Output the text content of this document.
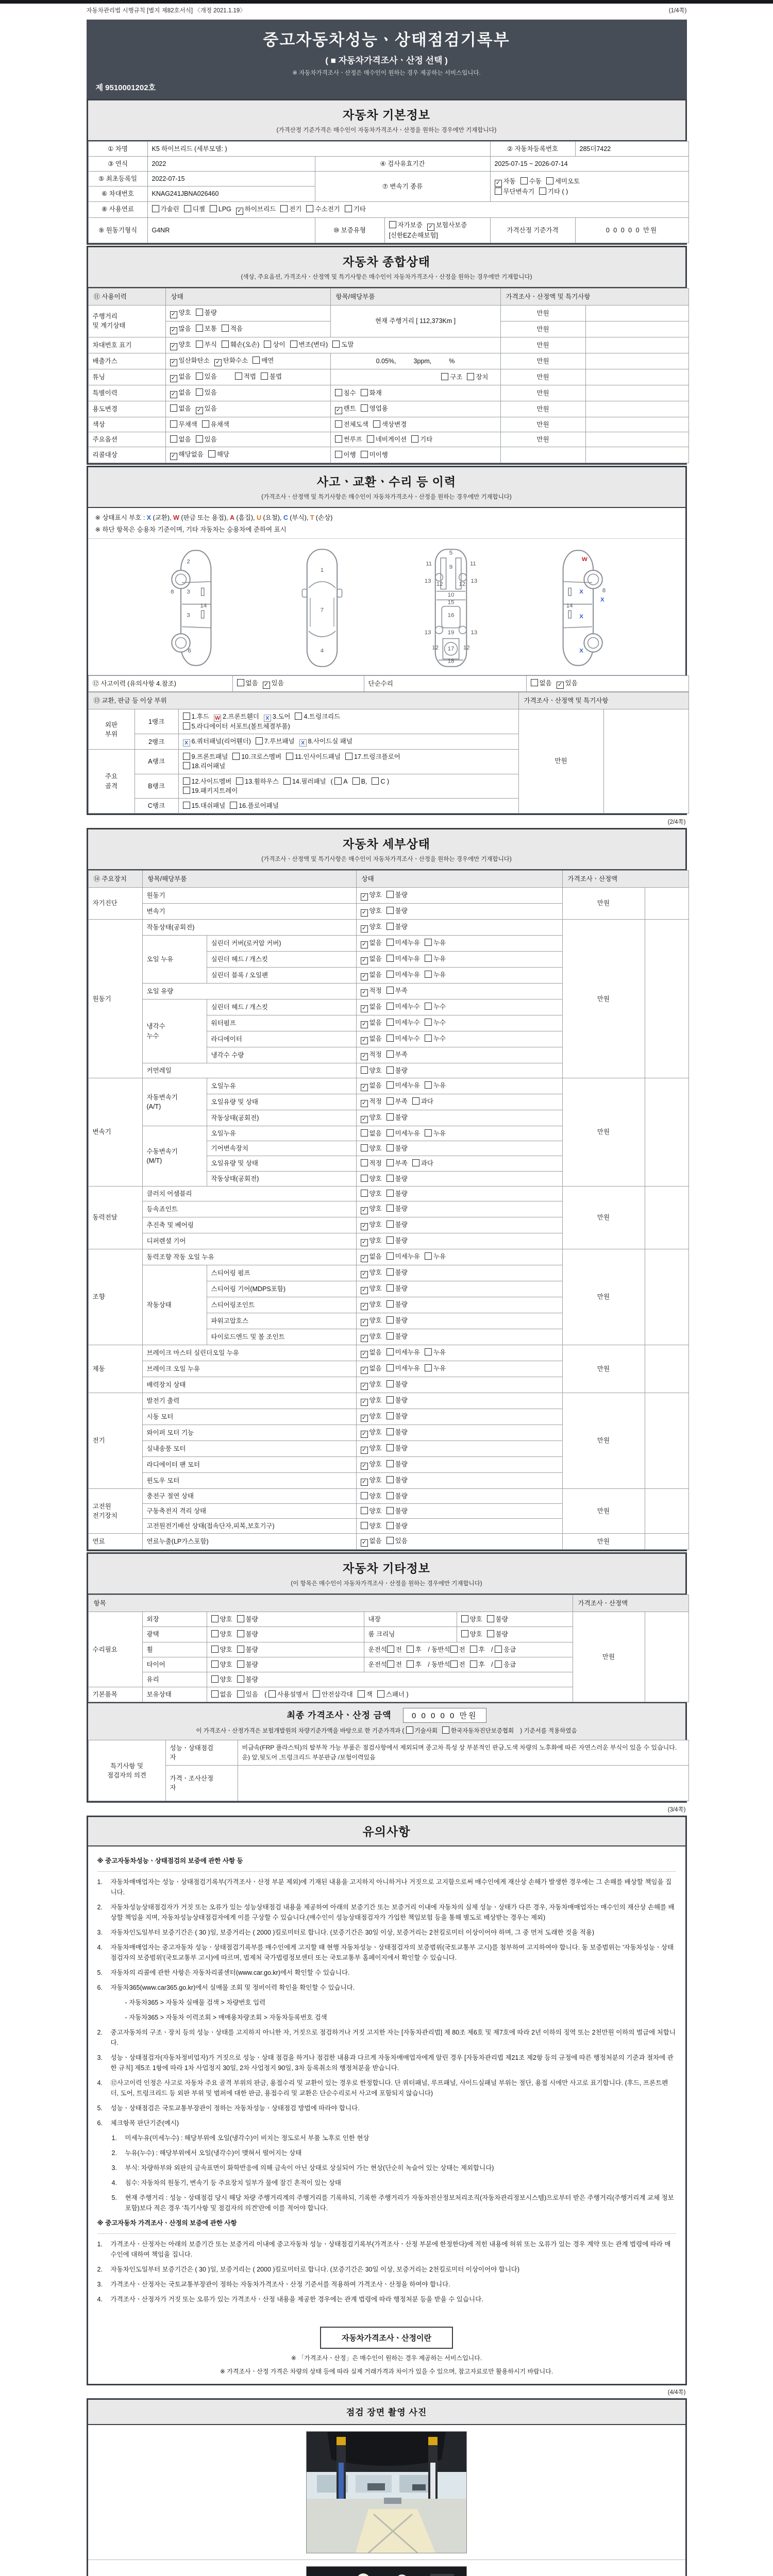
자동차관리법 시행규칙 [별지 제82호서식] 〈개정 2021.1.19〉	(1/4쪽)
중고자동차성능ㆍ상태점검기록부
( ■ 자동차가격조사ㆍ산정 선택 )
※ 자동차가격조사ㆍ산정은 매수인이 원하는 경우 제공하는 서비스입니다.
제 9510001202호
자동차 기본정보
(가격산정 기준가격은 매수인이 자동차가격조사ㆍ산정을 원하는 경우에만 기재합니다)
① 차명	K5 하이브리드 (세부모델: )			② 자동차등록번호	285더7422
③ 연식	2022	④ 검사유효기간		2025-07-15 ~ 2026-07-14	
⑤ 최초등록일	2022-07-15	⑦ 변속기 종류		✓ 자동 수동 세미오토
무단변속기 기타 ( )	
⑥ 차대번호	KNAG241JBNA026460				
⑧ 사용연료	가솔린 디젤 LPG ✓ 하이브리드 전기 수소전기 기타				
⑨ 원동기형식	G4NR	⑩ 보증유형	자가보증 ✓ 보험사보증[신한EZ손해보험]	가격산정 기준가격	0 0 0 0 0 만원
자동차 종합상태
(색상, 주요옵션, 가격조사ㆍ산정액 및 특기사항은 매수인이 자동차가격조사ㆍ산정을 원하는 경우에만 기재합니다)
⑪ 사용이력	상태	항목/해당부품	가격조사ㆍ산정액 및 특기사항	
주행거리
및 계기상태	✓ 양호 불량	현재 주행거리 [ 112,373Km ]	만원	
	✓ 많음 보통 적음		만원	
차대번호 표기	✓ 양호 부식 훼손(오손) 상이 변조(변타) 도말		만원	
배출가스	✓ 일산화탄소 ✓ 탄화수소 매연	0.05%, 3ppm, %	만원	
튜닝	✓ 없음 있음 적법 불법	구조 장치	만원	
특별이력	✓ 없음 있음	침수 화재	만원	
용도변경	없음 ✓ 있음	✓ 렌트 영업용	만원	
색상	무채색 유채색	전체도색 색상변경	만원	
주요옵션	없음 있음	썬루프 네비게이션 기타	만원	
리콜대상	✓ 해당없음 해당	이행 미이행		
사고ㆍ교환ㆍ수리 등 이력
(가격조사ㆍ산정액 및 특기사항은 매수인이 자동차가격조사ㆍ산정을 원하는 경우에만 기재합니다)
※ 상태표시 부호 : X (교환), W (판금 또는 용접), A (흠집), U (요철), C (부식), T (손상)
※ 하단 항목은 승용차 기준이며, 기타 자동차는 승용차에 준하여 표시
2
8 3
3
14
6
1
7
4
5
11
9
11
13
12	12
13
10
15
16
13	19	13
12 17 12
18
W
X	8
X
14
X
X
⑫ 사고이력 (유의사항 4.참조)	없음 ✓ 있음	단순수리	없음 ✓ 있음
⑬ 교환, 판금 등 이상 부위			가격조사ㆍ산정액 및 특기사항	
외판
부위	1랭크	1.후드 W 2.프론트휀더 X 3.도어 4.트렁크리드
5.라디에이터 서포트(볼트체결부품)	만원	
	2랭크	X 6.쿼터패널(리어휀더) 7.루브패널 X 8.사이드실 패널		
주요
골격	A랭크	9.프론트패널 10.크로스멤버 11.인사이드패널 17.트렁크플로어
18.리어패널		
	B랭크	12.사이드멤버 13.휠하우스 14.필러패널 ( A B, C )
19.패키지트레이		
	C랭크	15.대쉬패널 16.플로어패널		
(2/4쪽)
자동차 세부상태
(가격조사ㆍ산정액 및 특기사항은 매수인이 자동차가격조사ㆍ산정을 원하는 경우에만 기재합니다)
⑭ 주요장치	항목/해당부품		상태	가격조사ㆍ산정액	
자기진단	원동기		✓ 양호 불량	만원	
	변속기		✓ 양호 불량		
원동기	작동상태(공회전)		✓ 양호 불량	만원	
	오일 누유	실린더 커버(로커암 커버)	✓ 없음 미세누유 누유		
		실린더 헤드 / 개스킷	✓ 없음 미세누유 누유		
		실린더 블록 / 오일팬	✓ 없음 미세누유 누유		
	오일 유량		✓ 적정 부족		
	냉각수
누수	실린더 헤드 / 개스킷	✓ 없음 미세누수 누수		
		워터펌프	✓ 없음 미세누수 누수		
		라디에이터	✓ 없음 미세누수 누수		
		냉각수 수량	✓ 적정 부족		
	커먼레일		양호 불량		
변속기	자동변속기
(A/T)	오일누유	✓ 없음 미세누유 누유	만원	
		오일유량 및 상태	✓ 적정 부족 과다		
		작동상태(공회전)	✓ 양호 불량		
	수동변속기
(M/T)	오일누유	없음 미세누유 누유		
		기어변속장치	양호 불량		
		오일유량 및 상태	적정 부족 과다		
		작동상태(공회전)	양호 불량		
동력전달	클러치 어셈블리		양호 불량	만원	
	등속죠인트		✓ 양호 불량		
	추진축 및 베어링		✓ 양호 불량		
	디퍼렌셜 기어		✓ 양호 불량		
조향	동력조향 작동 오일 누유		✓ 없음 미세누유 누유	만원	
	작동상태	스티어링 펌프	✓ 양호 불량		
		스티어링 기어(MDPS포함)	✓ 양호 불량		
		스티어링조인트	✓ 양호 불량		
		파워고압호스	✓ 양호 불량		
		타이로드엔드 및 볼 조인트	✓ 양호 불량		
제동	브레이크 마스터 실린더오일 누유		✓ 없음 미세누유 누유	만원	
	브레이크 오일 누유		✓ 없음 미세누유 누유		
	배력장치 상태		✓ 양호 불량		
전기	발전기 출력		✓ 양호 불량	만원	
	시동 모터		✓ 양호 불량		
	와이퍼 모터 기능		✓ 양호 불량		
	실내송풍 모터		✓ 양호 불량		
	라디에이터 팬 모터		✓ 양호 불량		
	윈도우 모터		✓ 양호 불량		
고전원
전기장치	충전구 절연 상태		양호 불량	만원	
	구동축전지 격리 상태		양호 불량		
	고전원전기배선 상태(접속단자,피복,보호기구)		양호 불량		
연료	연료누출(LP가스포함)		✓ 없음 있음	만원	
자동차 기타정보
(이 항목은 매수인이 자동차가격조사ㆍ산정을 원하는 경우에만 기재합니다)
항목					가격조사ㆍ산정액	
수리필요	외장	양호 불량	내장	양호 불량	만원	
	광택	양호 불량	룸 크리닝	양호 불량		
	휠	양호 불량	운전석 전 후 / 동반석 전 후 / 응급			
	타이어	양호 불량	운전석 전 후 / 동반석 전 후 / 응급			
	유리	양호 불량				
기본품목	보유상태	없음 있음 ( 사용설명서 안전삼각대 잭 스패너 )				
최종 가격조사ㆍ산정 금액	0 0 0 0 0 만원
이 가격조사ㆍ산정가격은 보험개발원의 차량기준가액을 바탕으로 한 기준가격과 ( 기술사회 한국자동차진단보증협회 ) 기준서를 적용하였음
특기사항 및
점검자의 의견	성능ㆍ상태점검
자	비금속(FRP 플라스틱)의 탈부착 가능 부품은 점검사항에서 제외되며 중고차 특성 상 부분적인 판금,도색 차량의 노후화에 따른 자연스러운 부식이 있을 수 있습니다. 운) 앞,뒷도어 ,트렁크리드 부분판금 /보험이력있음
	가격ㆍ조사산정
자	
(3/4쪽)
유의사항
※ 중고자동차성능ㆍ상태점검의 보증에 관한 사항 등
1.	자동차매매업자는 성능ㆍ상태점검기록부(가격조사ㆍ산정 부분 제외)에 기재된 내용을 고지하지 아니하거나 거짓으로 고지함으로써 매수인에게 재산상 손해가 발생한 경우에는 그 손해를 배상할 책임을 집니다.
2.	자동차성능상태점검자가 거짓 또는 오류가 있는 성능상태점검 내용을 제공하여 아래의 보증기간 또는 보증거리 이내에 자동차의 실제 성능ㆍ상태가 다른 경우, 자동차매매업자는 매수인의 재산상 손해를 배상할 책임을 지며, 자동차성능상태점검자에게 이를 구상할 수 있습니다.(매수인이 성능상태점검자가 가입한 책임보험 등을 통해 별도로 배상받는 경우는 제외)
3.	자동차인도일부터 보증기간은 ( 30 )일, 보증거리는 ( 2000 )킬로미터로 합니다. (보증기간은 30일 이상, 보증거리는 2천킬로미터 이상이어야 하며, 그 중 먼저 도래한 것을 적용)
4.	자동차매매업자는 중고자동차 성능ㆍ상태점검기록부를 매수인에게 고지할 때 현행 자동차성능ㆍ상태점검자의 보증범위(국토교통부 고시)를 첨부하여 고지하여야 합니다. 동 보증범위는 '자동차성능ㆍ상태점검자의 보증범위'(국토교통부 고시)에 따르며, 법제처 국가법령정보센터 또는 국토교통부 홈페이지에서 확인할 수 있습니다.
5.	자동차의 리콜에 관한 사항은 자동차리콜센터(www.car.go.kr)에서 확인할 수 있습니다.
6.	자동차365(www.car365.go.kr)에서 실매물 조회 및 정비이력 확인을 확인할 수 있습니다.
- 자동차365 > 자동차 실매물 검색 > 차량번호 입력
- 자동차365 > 자동차 이력조회 > 매매용차량조회 > 자동차등록번호 검색
2.	중고자동차의 구조ㆍ장치 등의 성능ㆍ상태를 고지하지 아니한 자, 거짓으로 점검하거나 거짓 고지한 자는 [자동차관리법] 제 80조 제6호 및 제7호에 따라 2년 이하의 징역 또는 2천만원 이하의 벌금에 처합니다.
3.	성능ㆍ상태점검자(자동차정비업자)가 거짓으로 성능ㆍ상태 점검을 하거나 점검한 내용과 다르게 자동차매매업자에게 알린 경우 [자동차관리법 제21조 제2항 등의 규정에 따른 행정처분의 기준과 절차에 관한 규칙] 제5조 1항에 따라 1차 사업정지 30일, 2차 사업정지 90일, 3차 등록취소의 행정처분을 받습니다.
4.	⑫사고이력 인정은 사고로 자동차 주요 골격 부위의 판금, 용접수리 및 교환이 있는 경우로 한정합니다. 단 쿼터패널, 루프패널, 사이드실패널 부위는 절단, 용접 시에만 사고로 표기합니다. (후드, 프론트펜더, 도어, 트렁크리드 등 외판 부위 및 범퍼에 대한 판금, 용접수리 및 교환은 단순수리로서 사고에 포함되지 않습니다)
5.	성능ㆍ상태점검은 국토교통부장관이 정하는 자동차성능ㆍ상태점검 방법에 따라야 합니다.
6.	체크항목 판단기준(예시)
1.	미세누유(미세누수) : 해당부위에 오일(냉각수)이 비치는 정도로서 부품 노후로 인한 현상
2.	누유(누수) : 해당부위에서 오일(냉각수)이 맺혀서 떨어지는 상태
3.	부식: 차량하부와 외판의 금속표면이 화학반응에 의해 금속이 아닌 상태로 상실되어 가는 현상(단순히 녹슬어 있는 상태는 제외합니다)
4.	침수: 자동차의 원동기, 변속기 등 주요장치 일부가 물에 잠긴 흔적이 있는 상태
5.	현재 주행거리 : 성능ㆍ상태점검 당시 해당 차량 주행거리계의 주행거리를 기록하되, 기록한 주행거리가 자동차전산정보처리조직(자동차관리정보시스템)으로부터 받은 주행거리(주행거리계 교체 정보 포함)보다 적은 경우 '특기사항 및 점검자의 의견'란에 이를 적어야 합니다.
※ 중고자동차 가격조사ㆍ산정의 보증에 관한 사항
1.	가격조사ㆍ산정자는 아래의 보증기간 또는 보증거리 이내에 중고자동차 성능ㆍ상태점검기록부(가격조사ㆍ산정 부분에 한정한다)에 적힌 내용에 허위 또는 오류가 있는 경우 계약 또는 관계 법령에 따라 매수인에 대하여 책임을 집니다.
2.	자동차인도일부터 보증기간은 ( 30 )일, 보증거리는 ( 2000 )킬로미터로 합니다. (보증기간은 30일 이상, 보증거리는 2천킬로미터 이상이어야 합니다)
3.	가격조사ㆍ산정자는 국토교통부장관이 정하는 자동차가격조사ㆍ산정 기준서를 적용하여 가격조사ㆍ산정을 하여야 합니다.
4.	가격조사ㆍ산정자가 거짓 또는 오류가 있는 가격조사ㆍ산정 내용을 제공한 경우에는 관계 법령에 따라 행정처분 등을 받을 수 있습니다.
자동차가격조사ㆍ산정이란
※ 「가격조사ㆍ산정」은 매수인이 원하는 경우 제공하는 서비스입니다.
※ 가격조사ㆍ산정 가격은 차량의 상태 등에 따라 실제 거래가격과 차이가 있을 수 있으며, 참고자료로만 활용하시기 바랍니다.
(4/4쪽)
점검 장면 촬영 사진
